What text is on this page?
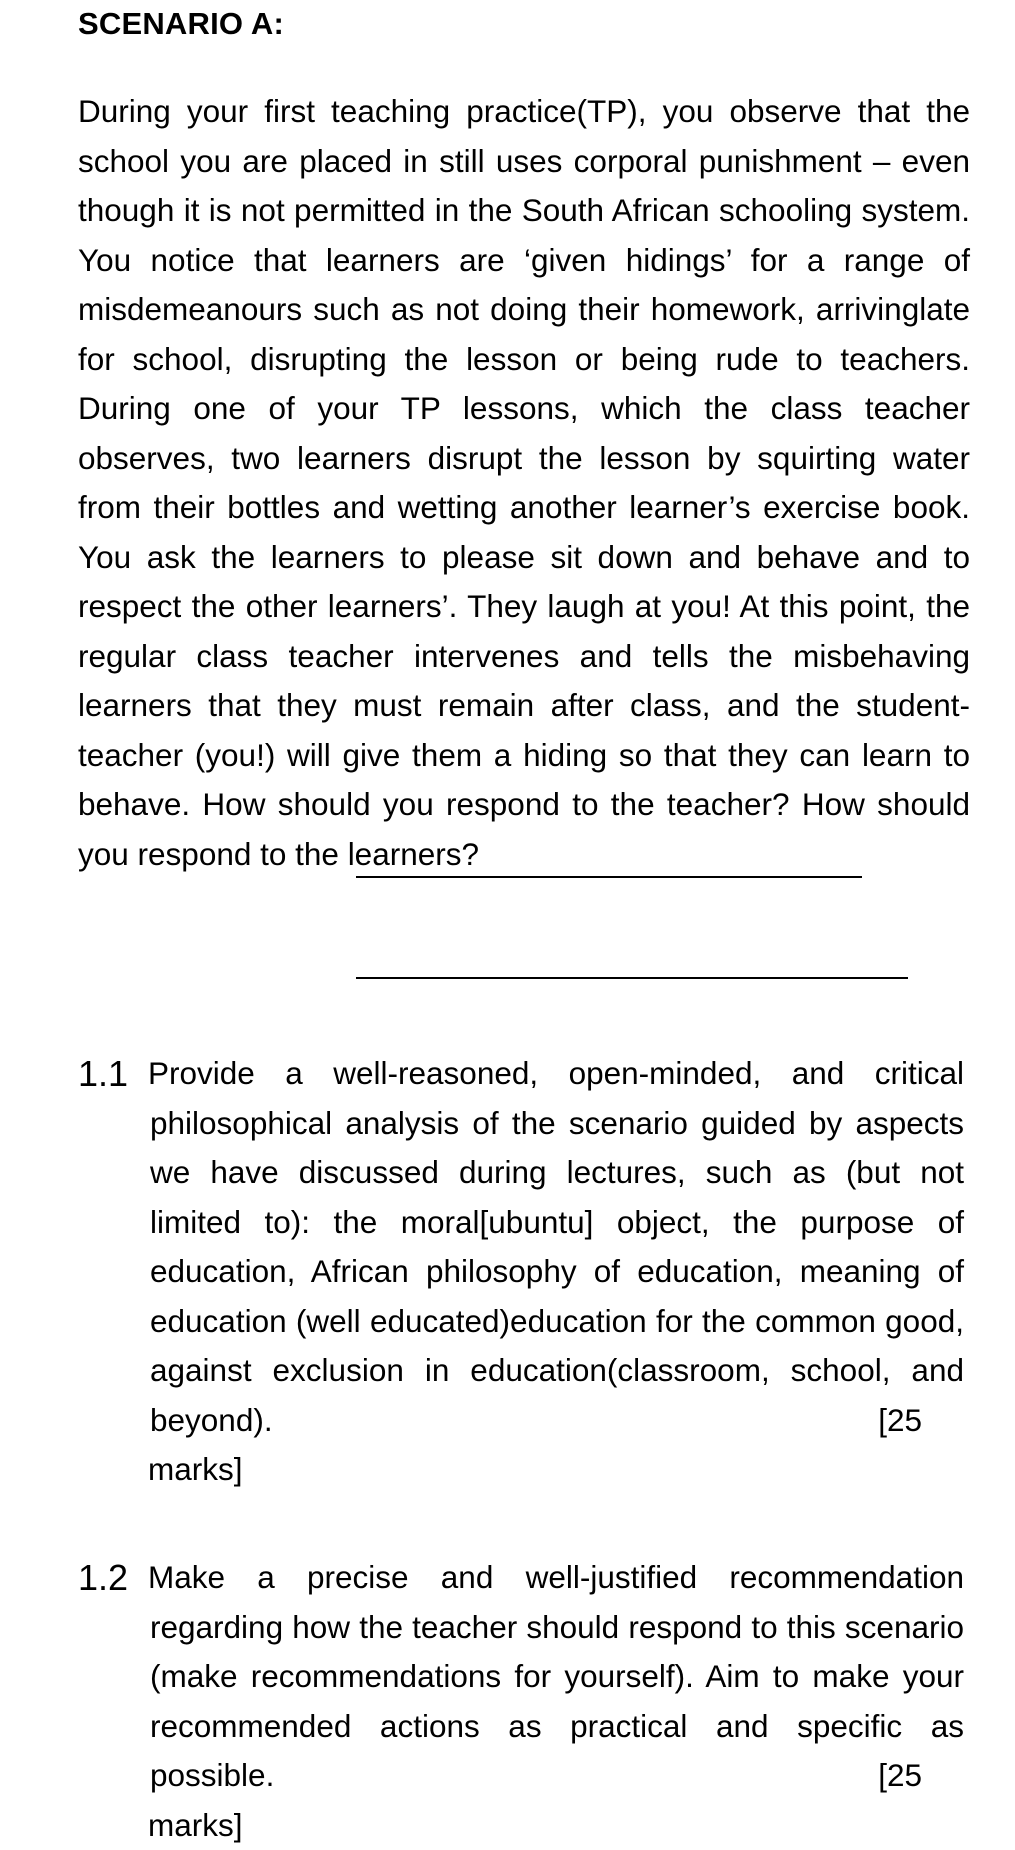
SCENARIO A:

During your first teaching practice(TP), you observe that the school you are placed in still uses corporal punishment – even though it is not permitted in the South African schooling system. You notice that learners are ‘given hidings’ for a range of misdemeanours such as not doing their homework, arrivinglate for school, disrupting the lesson or being rude to teachers. During one of your TP lessons, which the class teacher observes, two learners disrupt the lesson by squirting water from their bottles and wetting another learner’s exercise book. You ask the learners to please sit down and behave and to respect the other learners’. They laugh at you! At this point, the regular class teacher intervenes and tells the misbehaving learners that they must remain after class, and the student-teacher (you!) will give them a hiding so that they can learn to behave. How should you respond to the teacher? How should you respond to the learners?

1.1 Provide a well-reasoned, open-minded, and critical philosophical analysis of the scenario guided by aspects we have discussed during lectures, such as (but not limited to): the moral[ubuntu] object, the purpose of education, African philosophy of education, meaning of education (well educated)education for the common good, against exclusion in education(classroom, school, and beyond).	[25
marks]

1.2 Make a precise and well-justified recommendation regarding how the teacher should respond to this scenario (make recommendations for yourself). Aim to make your recommended actions as practical and specific as possible.	[25
marks]
